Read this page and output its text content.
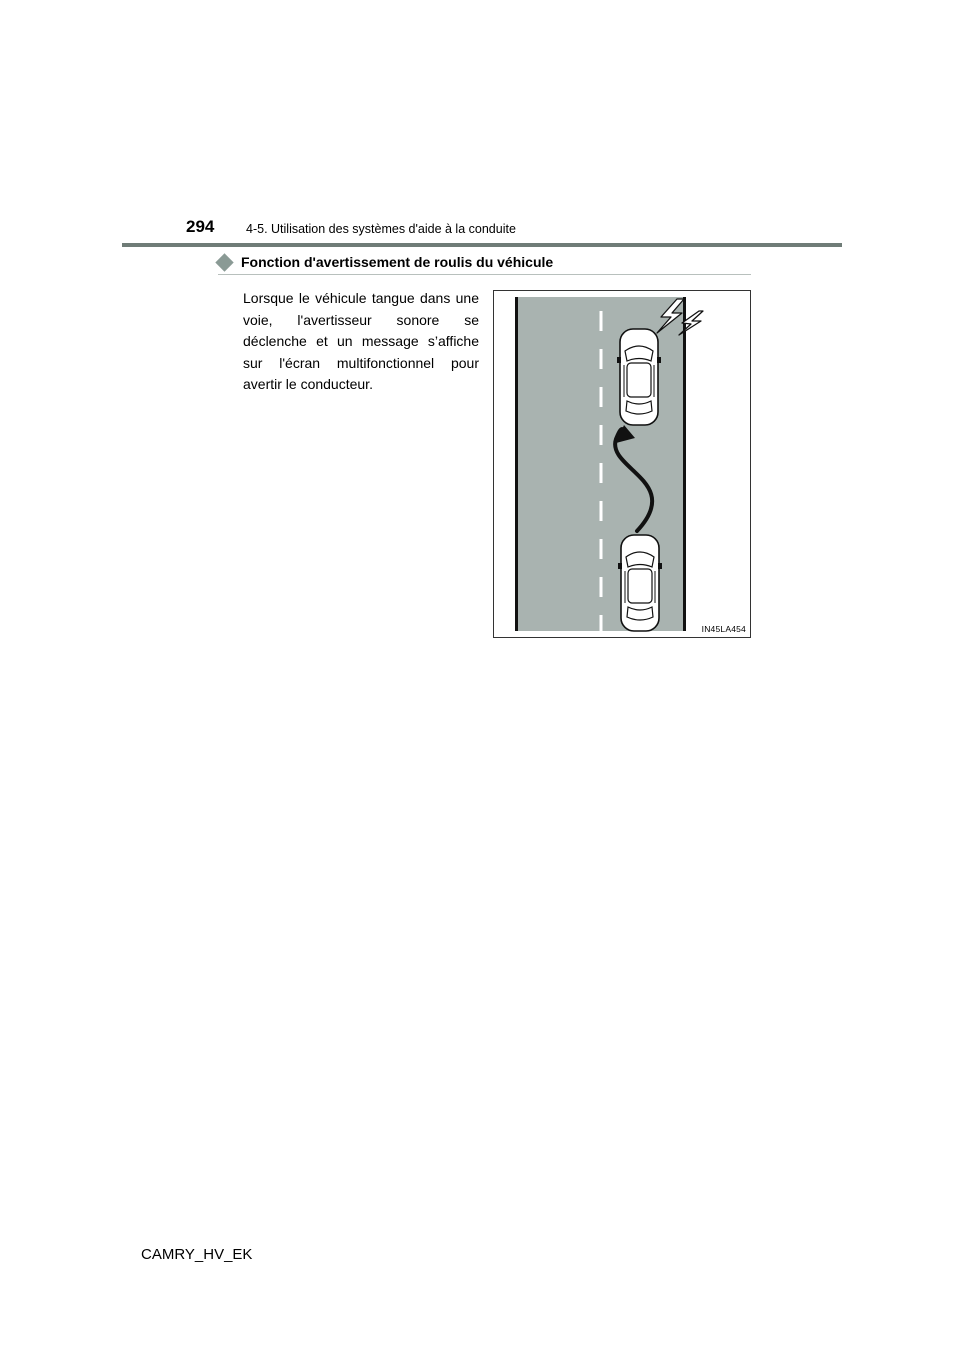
294	4-5. Utilisation des systèmes d'aide à la conduite
Fonction d'avertissement de roulis du véhicule
Lorsque le véhicule tangue dans une voie, l'avertisseur sonore se déclenche et un message s’affiche sur l'écran multifonctionnel pour avertir le conducteur.
IN45LA454
CAMRY_HV_EK
